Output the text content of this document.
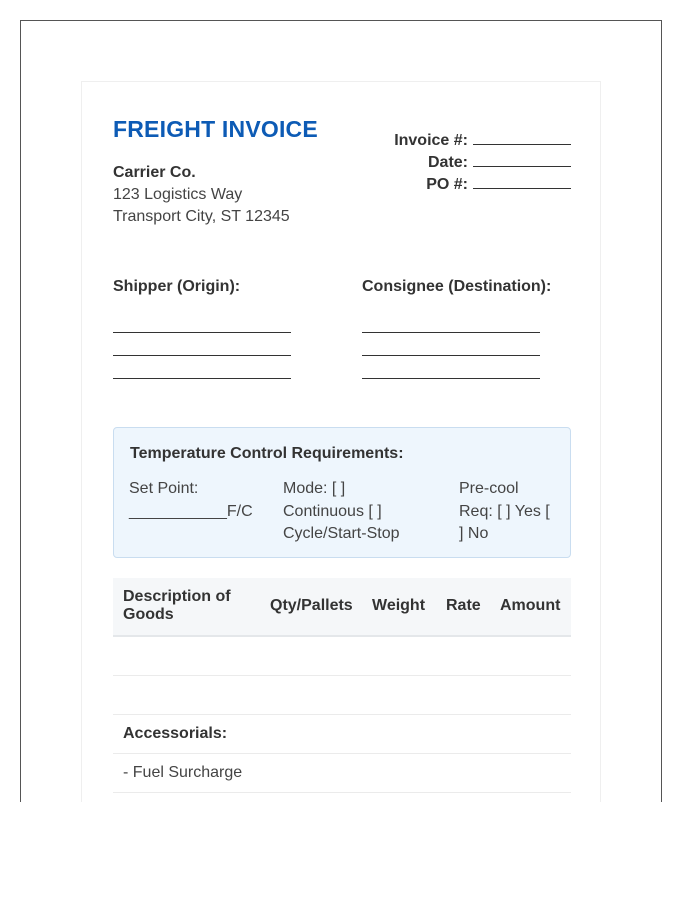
FREIGHT INVOICE
Carrier Co.
123 Logistics Way
Transport City, ST 12345
Invoice #:
Date:
PO #:
Shipper (Origin):	Consignee (Destination):
Temperature Control Requirements:
Set Point:
___________F/C
Mode: [ ]
Continuous [ ]
Cycle/Start-Stop
Pre-cool
Req: [ ] Yes [
] No
Description of
Goods
Qty/Pallets Weight Rate Amount
Accessorials:
- Fuel Surcharge
